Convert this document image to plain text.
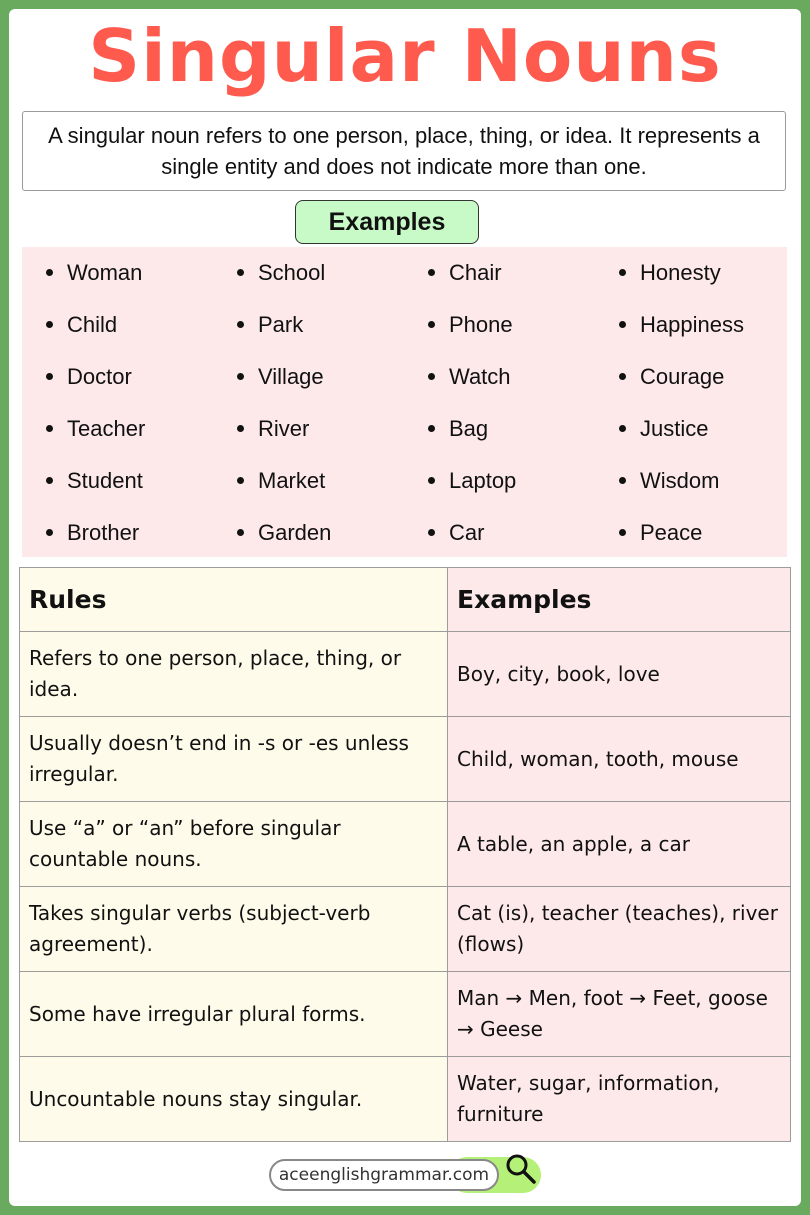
Singular Nouns
A singular noun refers to one person, place, thing, or idea. It represents a single entity and does not indicate more than one.
Examples
Woman
Child
Doctor
Teacher
Student
Brother
School
Park
Village
River
Market
Garden
Chair
Phone
Watch
Bag
Laptop
Car
Honesty
Happiness
Courage
Justice
Wisdom
Peace
Rules	Examples
Refers to one person, place, thing, or idea.	Boy, city, book, love
Usually doesn’t end in -s or -es unless irregular.	Child, woman, tooth, mouse
Use “a” or “an” before singular countable nouns.	A table, an apple, a car
Takes singular verbs (subject-verb agreement).	Cat (is), teacher (teaches), river (flows)
Some have irregular plural forms.	Man → Men, foot → Feet, goose → Geese
Uncountable nouns stay singular.	Water, sugar, information, furniture
aceenglishgrammar.com
